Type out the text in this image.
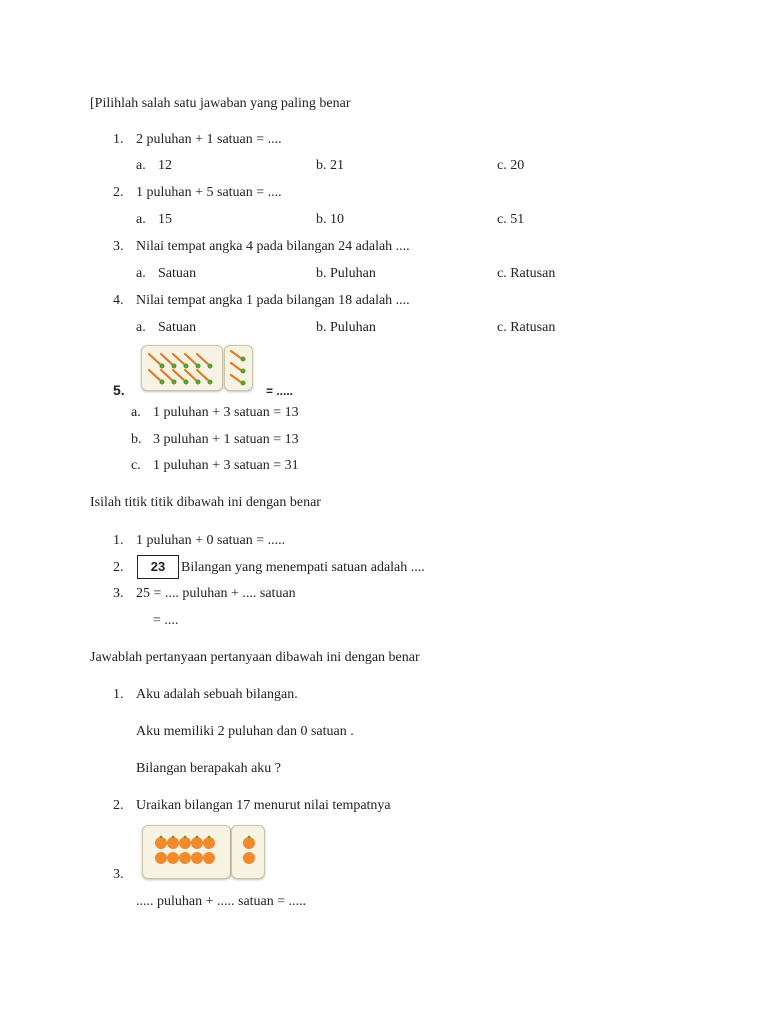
[Pilihlah salah satu jawaban yang paling benar
1. 2 puluhan + 1 satuan = ....
a. 12	b. 21	c. 20
2. 1 puluhan + 5 satuan = ....
a. 15	b. 10	c. 51
3. Nilai tempat angka 4 pada bilangan 24 adalah ....
a. Satuan	b. Puluhan	c. Ratusan
4. Nilai tempat angka 1 pada bilangan 18 adalah ....
a. Satuan	b. Puluhan	c. Ratusan
5.	= .....
a. 1 puluhan + 3 satuan = 13
b. 3 puluhan + 1 satuan = 13
c. 1 puluhan + 3 satuan = 31
Isilah titik titik dibawah ini dengan benar
1. 1 puluhan + 0 satuan = .....
2.	23	Bilangan yang menempati satuan adalah ....
3. 25 = .... puluhan + .... satuan
= ....
Jawablah pertanyaan pertanyaan dibawah ini dengan benar
1. Aku adalah sebuah bilangan.
Aku memiliki 2 puluhan dan 0 satuan .
Bilangan berapakah aku ?
2. Uraikan bilangan 17 menurut nilai tempatnya
3.
..... puluhan + ..... satuan = .....
